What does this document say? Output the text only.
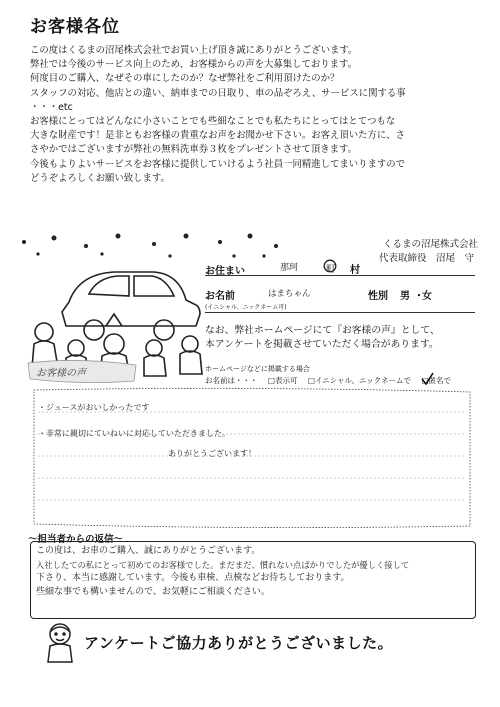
お客様各位
この度はくるまの沼尾株式会社でお買い上げ頂き誠にありがとうございます。
弊社では今後のサービス向上のため、お客様からの声を大募集しております。
何度目のご購入、なぜその車にしたのか？なぜ弊社をご利用頂けたのか？
スタッフの対応、他店との違い、納車までの日取り、車の品ぞろえ、サービスに関する事
・・・etc
お客様にとってはどんなに小さいことでも些細なことでも私たちにとってはとてつもな
大きな財産です！是非ともお客様の貴重なお声をお聞かせ下さい。お客え頂いた方に、さ
さやかではございますが弊社の無料洗車券３枚をプレゼントさせて頂きます。
今後もよりよいサービスをお客様に提供していけるよう社員一同精進してまいりますので
どうぞよろしくお願い致します。
くるまの沼尾株式会社
代表取締役　沼尾　守
お住まい	那珂	町 村
お名前
(イニシャル、ニックネーム可)
はまちゃん	性別 男 ・
女
なお、弊社ホームページにて『お客様の声』として、
本アンケートを掲載させていただく場合があります。
ホームページなどに掲載する場合
お名前は・・・ □表示可 □イニシャル、ニックネームで □匿名で
お客様の声
・ジュースがおいしかったです
・非常に親切にていねいに対応していただきました。
ありがとうございます！
～担当者からの返信～
この度は、お車のご購入、誠にありがとうございます。
入社したての私にとって初めてのお客様でした。まだまだ、慣れない点ばかりでしたが優しく接して
下さり、本当に感謝しています。今後も車検、点検などお待ちしております。
些細な事でも構いませんので、お気軽にご相談ください。
アンケートご協力ありがとうございました。
